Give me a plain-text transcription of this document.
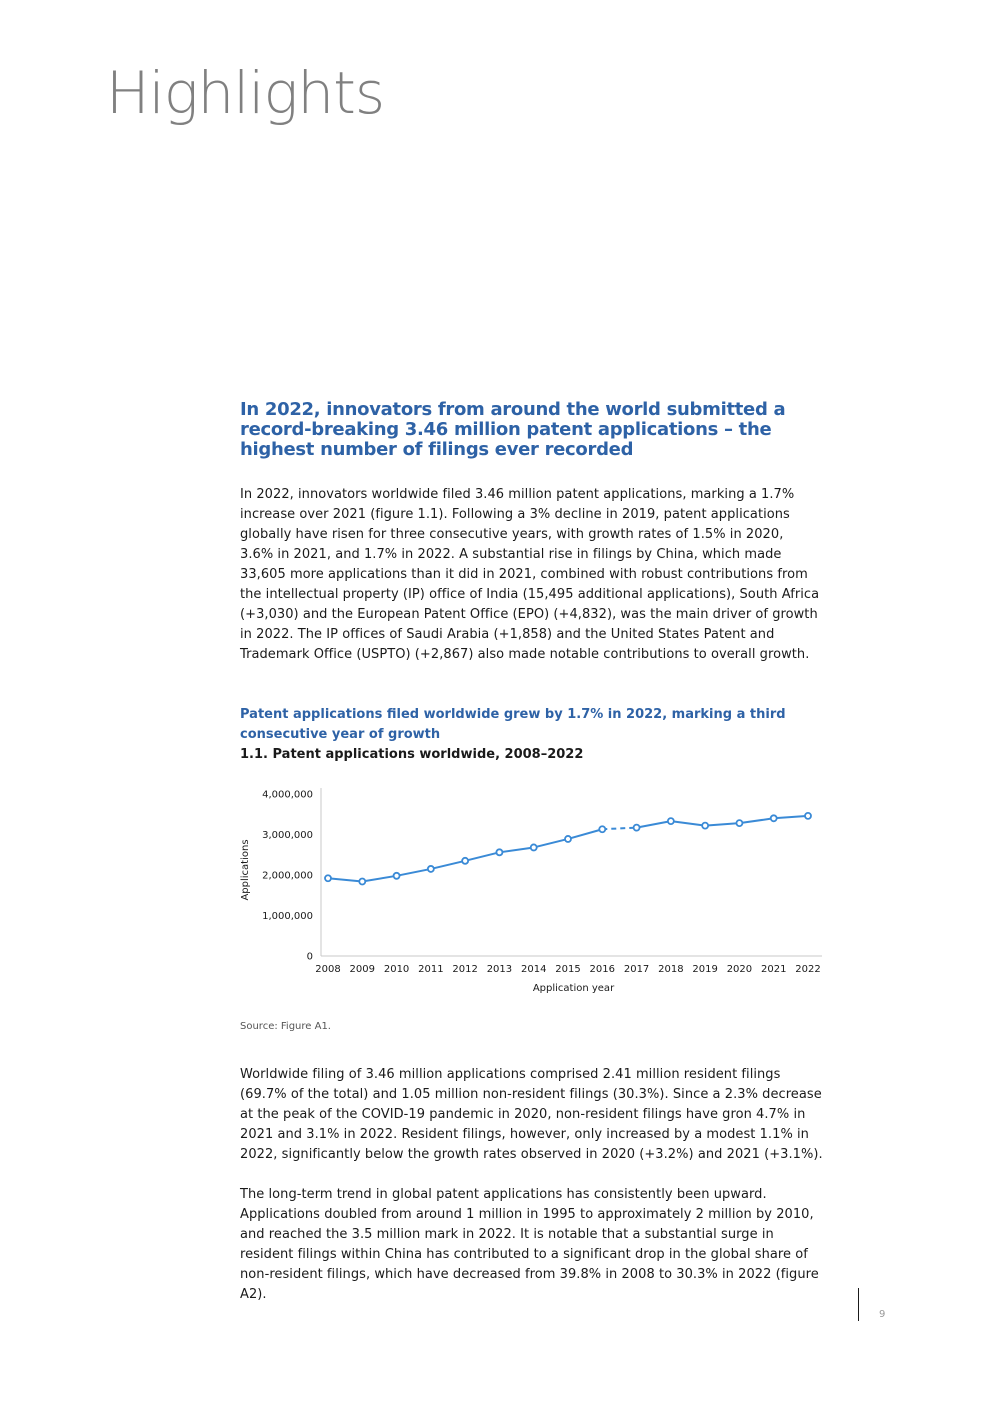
Highlights
In 2022, innovators from around the world submitted a record-breaking 3.46 million patent applications – the highest number of filings ever recorded

In 2022, innovators worldwide filed 3.46 million patent applications, marking a 1.7% increase over 2021 (figure 1.1). Following a 3% decline in 2019, patent applications globally have risen for three consecutive years, with growth rates of 1.5% in 2020, 3.6% in 2021, and 1.7% in 2022. A substantial rise in filings by China, which made 33,605 more applications than it did in 2021, combined with robust contributions from the intellectual property (IP) office of India (15,495 additional applications), South Africa (+3,030) and the European Patent Office (EPO) (+4,832), was the main driver of growth in 2022. The IP offices of Saudi Arabia (+1,858) and the United States Patent and Trademark Office (USPTO) (+2,867) also made notable contributions to overall growth.

Patent applications filed worldwide grew by 1.7% in 2022, marking a third consecutive year of growth

1.1. Patent applications worldwide, 2008–2022

0
1,000,000
2,000,000
3,000,000
4,000,000
2008 2009 2010 2011 2012 2013 2014 2015 2016 2017 2018 2019 2020 2021 2022
Application year
Applications

Source: Figure A1.

Worldwide filing of 3.46 million applications comprised 2.41 million resident filings (69.7% of the total) and 1.05 million non-resident filings (30.3%). Since a 2.3% decrease at the peak of the COVID-19 pandemic in 2020, non-resident filings have gron 4.7% in 2021 and 3.1% in 2022. Resident filings, however, only increased by a modest 1.1% in 2022, significantly below the growth rates observed in 2020 (+3.2%) and 2021 (+3.1%).

The long-term trend in global patent applications has consistently been upward. Applications doubled from around 1 million in 1995 to approximately 2 million by 2010, and reached the 3.5 million mark in 2022. It is notable that a substantial surge in resident filings within China has contributed to a significant drop in the global share of non-resident filings, which have decreased from 39.8% in 2008 to 30.3% in 2022 (figure A2).

9
